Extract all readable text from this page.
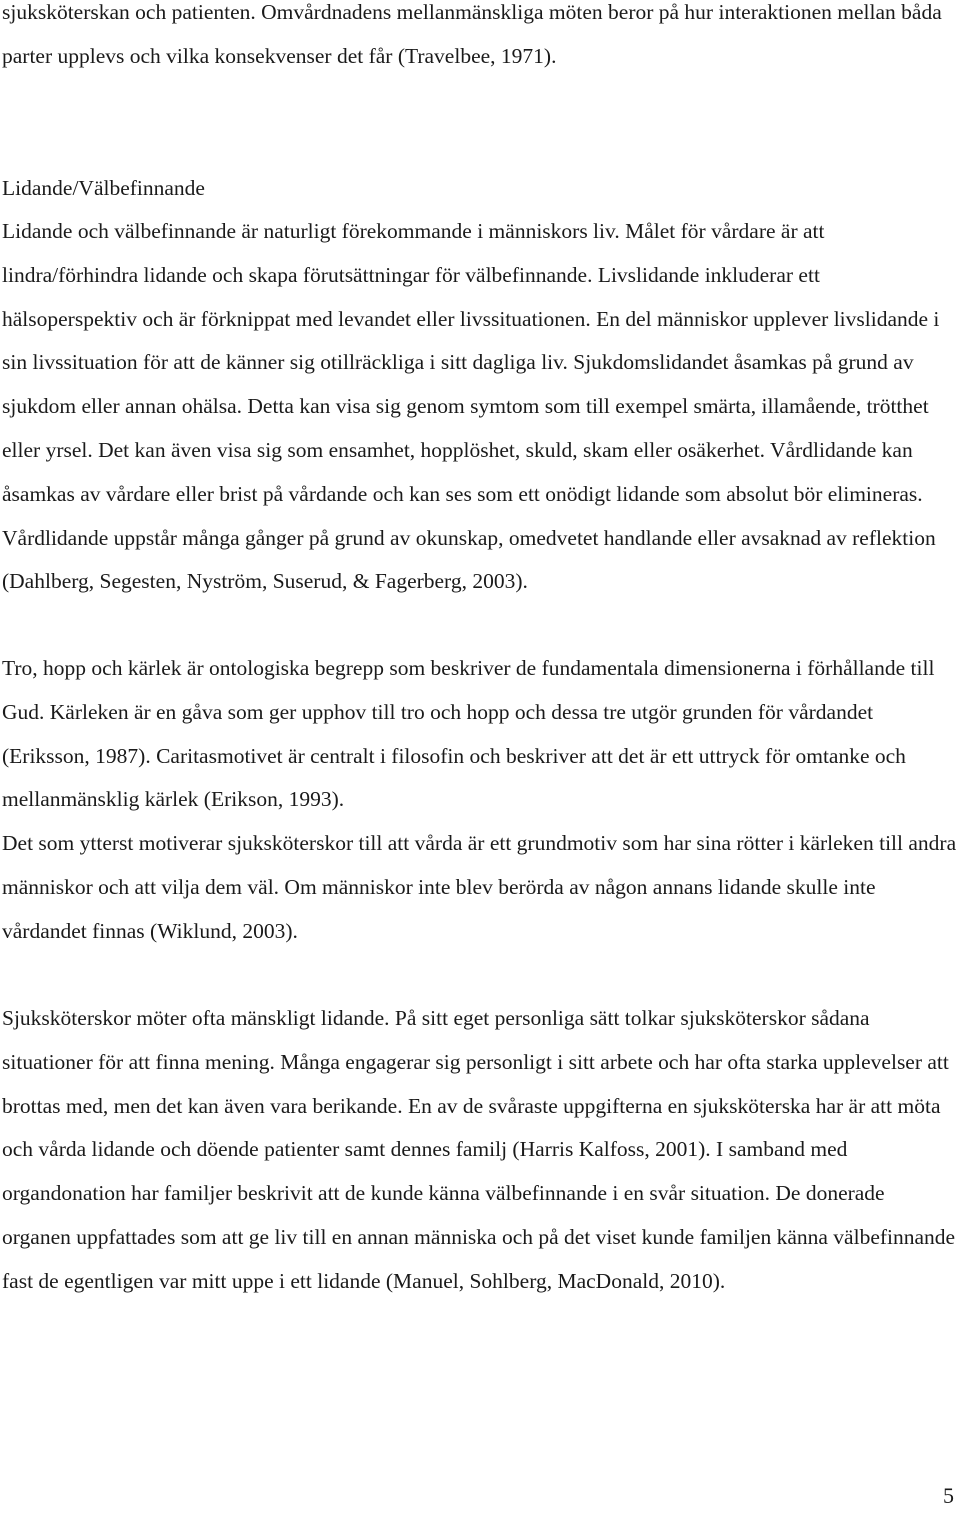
sjuksköterskan och patienten. Omvårdnadens mellanmänskliga möten beror på hur interaktionen mellan båda parter upplevs och vilka konsekvenser det får (Travelbee, 1971).

Lidande/Välbefinnande

Lidande och välbefinnande är naturligt förekommande i människors liv. Målet för vårdare är att lindra/förhindra lidande och skapa förutsättningar för välbefinnande. Livslidande inkluderar ett hälsoperspektiv och är förknippat med levandet eller livssituationen. En del människor upplever livslidande i sin livssituation för att de känner sig otillräckliga i sitt dagliga liv. Sjukdomslidandet åsamkas på grund av sjukdom eller annan ohälsa. Detta kan visa sig genom symtom som till exempel smärta, illamående, trötthet eller yrsel. Det kan även visa sig som ensamhet, hopplöshet, skuld, skam eller osäkerhet. Vårdlidande kan åsamkas av vårdare eller brist på vårdande och kan ses som ett onödigt lidande som absolut bör elimineras. Vårdlidande uppstår många gånger på grund av okunskap, omedvetet handlande eller avsaknad av reflektion (Dahlberg, Segesten, Nyström, Suserud, & Fagerberg, 2003).

Tro, hopp och kärlek är ontologiska begrepp som beskriver de fundamentala dimensionerna i förhållande till Gud. Kärleken är en gåva som ger upphov till tro och hopp och dessa tre utgör grunden för vårdandet (Eriksson, 1987). Caritasmotivet är centralt i filosofin och beskriver att det är ett uttryck för omtanke och mellanmänsklig kärlek (Erikson, 1993).

Det som ytterst motiverar sjuksköterskor till att vårda är ett grundmotiv som har sina rötter i kärleken till andra människor och att vilja dem väl. Om människor inte blev berörda av någon annans lidande skulle inte vårdandet finnas (Wiklund, 2003).

Sjuksköterskor möter ofta mänskligt lidande. På sitt eget personliga sätt tolkar sjuksköterskor sådana situationer för att finna mening. Många engagerar sig personligt i sitt arbete och har ofta starka upplevelser att brottas med, men det kan även vara berikande. En av de svåraste uppgifterna en sjuksköterska har är att möta och vårda lidande och döende patienter samt dennes familj (Harris Kalfoss, 2001). I samband med organdonation har familjer beskrivit att de kunde känna välbefinnande i en svår situation. De donerade organen uppfattades som att ge liv till en annan människa och på det viset kunde familjen känna välbefinnande fast de egentligen var mitt uppe i ett lidande (Manuel, Sohlberg, MacDonald, 2010).

5
